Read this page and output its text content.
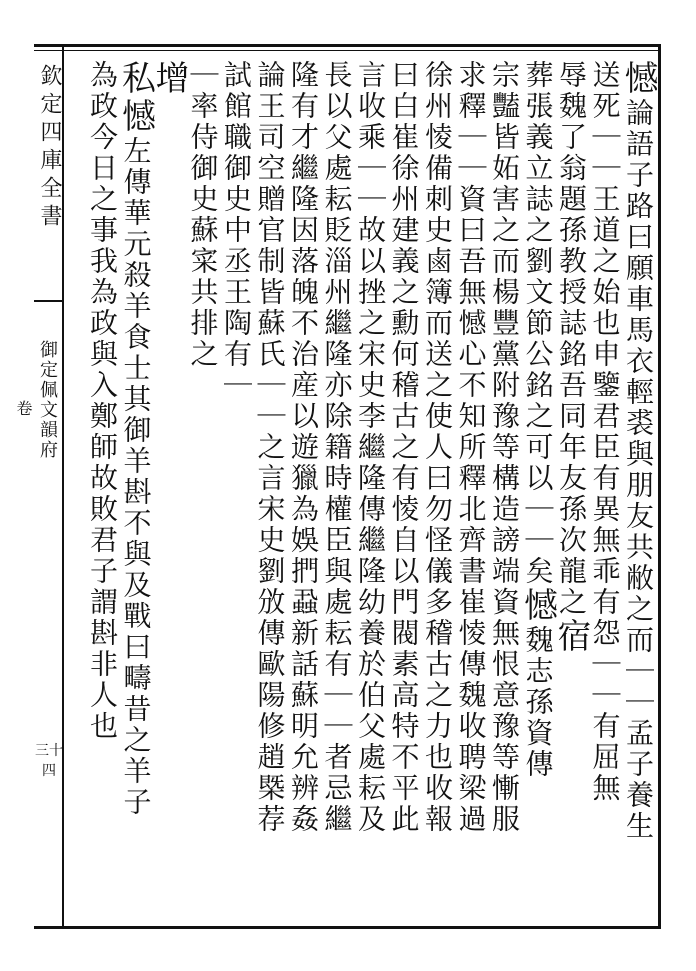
欽定四庫全書
御定佩文韻府
卷
三十四
憾
論語子路曰願車馬衣輕裘與朋友共敝之而｜｜孟子養生
送死｜｜王道之始也申鑒君臣有異無乖有怨｜｜有屈無
辱魏了翁題孫教授誌銘吾同年友孫次龍之
宿
葬張義立誌之劉文節公銘之可以｜｜矣
憾
魏志孫資傳
宗豔皆妬害之而楊豐黨附豫等構造謗端資無恨意豫等慚服
求釋｜｜資曰吾無憾心不知所釋北齊書崔㥄傳魏收聘梁過
徐州㥄備刺史鹵簿而送之使人曰勿怪儀多稽古之力也收報
曰白崔徐州建義之勳何稽古之有㥄自以門閥素高特不平此
言收乘｜｜故以挫之宋史李繼隆傳繼隆幼養於伯父處耘及
長以父處耘貶淄州繼隆亦除籍時權臣與處耘有｜｜者忌繼
隆有才繼隆因落魄不治産以遊獵為娛捫蝨新話蘇明允辨姦
論王司空贈官制皆蘇氏｜｜之言宋史劉攽傳歐陽修趙槩荐
試館職御史中丞王陶有｜
｜率侍御史蘇寀共排之
增
私憾
左傳華元殺羊食士其御羊斟不與及戰曰疇昔之羊子
為政今日之事我為政與入鄭師故敗君子謂斟非人也
